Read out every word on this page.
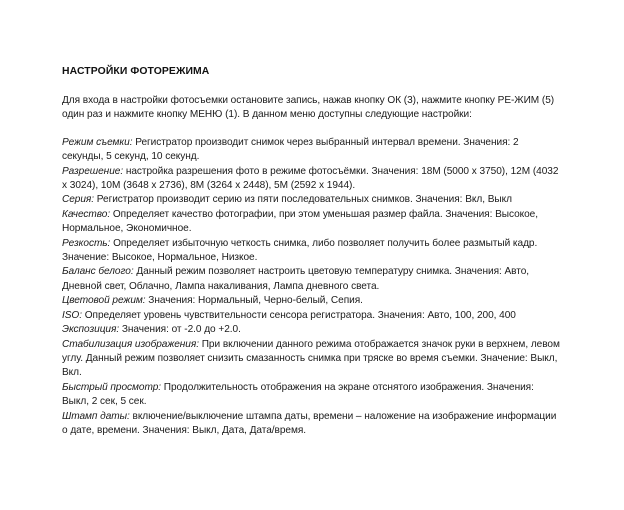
НАСТРОЙКИ ФОТОРЕЖИМА

Для входа в настройки фотосъемки остановите запись, нажав кнопку ОК (3), нажмите кнопку РЕ-ЖИМ (5) один раз и нажмите кнопку МЕНЮ (1). В данном меню доступны следующие настройки:

Режим съемки: Регистратор производит снимок через выбранный интервал времени. Значения: 2 секунды, 5 секунд, 10 секунд.

Разрешение: настройка разрешения фото в режиме фотосъёмки. Значения: 18M (5000 x 3750), 12M (4032 x 3024), 10M (3648 x 2736), 8M (3264 x 2448), 5M (2592 x 1944).

Серия: Регистратор производит серию из пяти последовательных снимков. Значения: Вкл, Выкл

Качество: Определяет качество фотографии, при этом уменьшая размер файла. Значения: Высокое, Нормальное, Экономичное.

Резкость: Определяет избыточную четкость снимка, либо позволяет получить более размытый кадр. Значение: Высокое, Нормальное, Низкое.

Баланс белого: Данный режим позволяет настроить цветовую температуру снимка. Значения: Авто, Дневной свет, Облачно, Лампа накаливания, Лампа дневного света.

Цветовой режим: Значения: Нормальный, Черно-белый, Сепия.

ISO: Определяет уровень чувствительности сенсора регистратора. Значения: Авто, 100, 200, 400

Экспозиция: Значения: от -2.0 до +2.0.

Стабилизация изображения: При включении данного режима отображается значок руки в верхнем, левом углу. Данный режим позволяет снизить смазанность снимка при тряске во время съемки. Значение: Выкл, Вкл.

Быстрый просмотр: Продолжительность отображения на экране отснятого изображения. Значения: Выкл, 2 сек, 5 сек.

Штамп даты: включение/выключение штампа даты, времени – наложение на изображение информации о дате, времени. Значения: Выкл, Дата, Дата/время.
